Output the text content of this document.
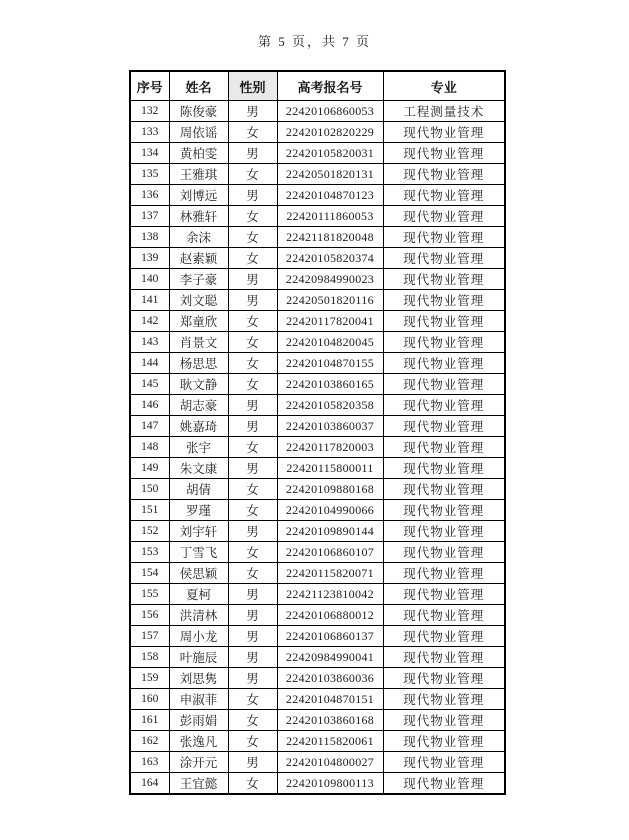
第 5 页，共 7 页
序号	姓名	性别	高考报名号	专业
132	陈俊豪	男	22420106860053	工程测量技术
133	周依谣	女	22420102820229	现代物业管理
134	黄柏雯	男	22420105820031	现代物业管理
135	王雅琪	女	22420501820131	现代物业管理
136	刘博远	男	22420104870123	现代物业管理
137	林雅轩	女	22420111860053	现代物业管理
138	余沫	女	22421181820048	现代物业管理
139	赵素颖	女	22420105820374	现代物业管理
140	李子豪	男	22420984990023	现代物业管理
141	刘文聪	男	22420501820116	现代物业管理
142	郑童欣	女	22420117820041	现代物业管理
143	肖景文	女	22420104820045	现代物业管理
144	杨思思	女	22420104870155	现代物业管理
145	耿文静	女	22420103860165	现代物业管理
146	胡志豪	男	22420105820358	现代物业管理
147	姚嘉琦	男	22420103860037	现代物业管理
148	张宇	女	22420117820003	现代物业管理
149	朱文康	男	22420115800011	现代物业管理
150	胡倩	女	22420109880168	现代物业管理
151	罗瑾	女	22420104990066	现代物业管理
152	刘宇轩	男	22420109890144	现代物业管理
153	丁雪飞	女	22420106860107	现代物业管理
154	侯思颖	女	22420115820071	现代物业管理
155	夏柯	男	22421123810042	现代物业管理
156	洪清林	男	22420106880012	现代物业管理
157	周小龙	男	22420106860137	现代物业管理
158	叶施辰	男	22420984990041	现代物业管理
159	刘思隽	男	22420103860036	现代物业管理
160	申淑菲	女	22420104870151	现代物业管理
161	彭雨娟	女	22420103860168	现代物业管理
162	张逸凡	女	22420115820061	现代物业管理
163	涂开元	男	22420104800027	现代物业管理
164	王宜懿	女	22420109800113	现代物业管理
